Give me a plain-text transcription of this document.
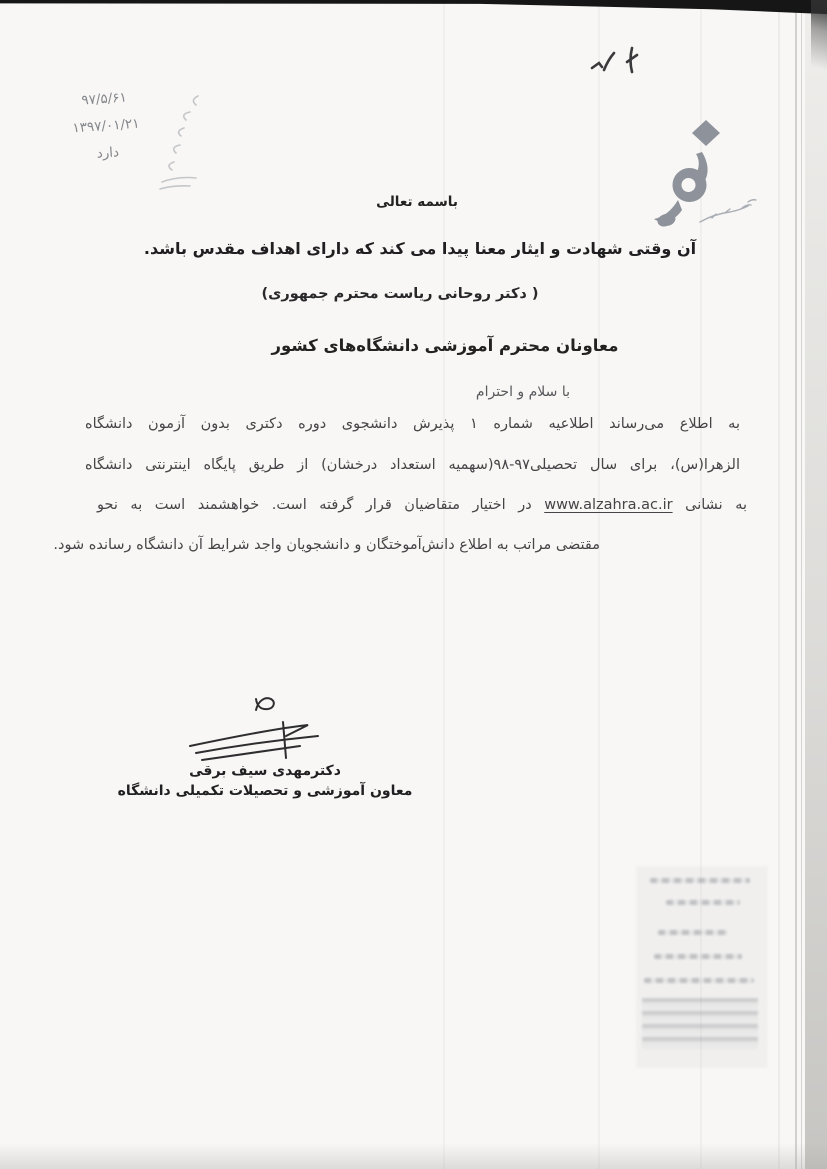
۹۷/۵/۶۱
۱۳۹۷/۰۱/۲۱
دارد
باسمه تعالی
آن وقتی شهادت و ایثار معنا پیدا می کند که دارای اهداف مقدس باشد.
( دکتر روحانی ریاست محترم جمهوری)
معاونان محترم آموزشی دانشگاه‌های کشور
با سلام و احترام
به اطلاع می‌رساند اطلاعیه شماره ۱ پذیرش دانشجوی دوره دکتری بدون آزمون دانشگاه
الزهرا(س)، برای سال تحصیلی۹۷-۹۸(سهمیه استعداد درخشان) از طریق پایگاه اینترنتی دانشگاه
به نشانی www.alzahra.ac.ir در اختیار متقاضیان قرار گرفته است. خواهشمند است به نحو
مقتضی مراتب به اطلاع دانش‌آموختگان و دانشجویان واجد شرایط آن دانشگاه رسانده شود.
دکترمهدی سیف برقی
معاون آموزشی و تحصیلات تکمیلی دانشگاه
